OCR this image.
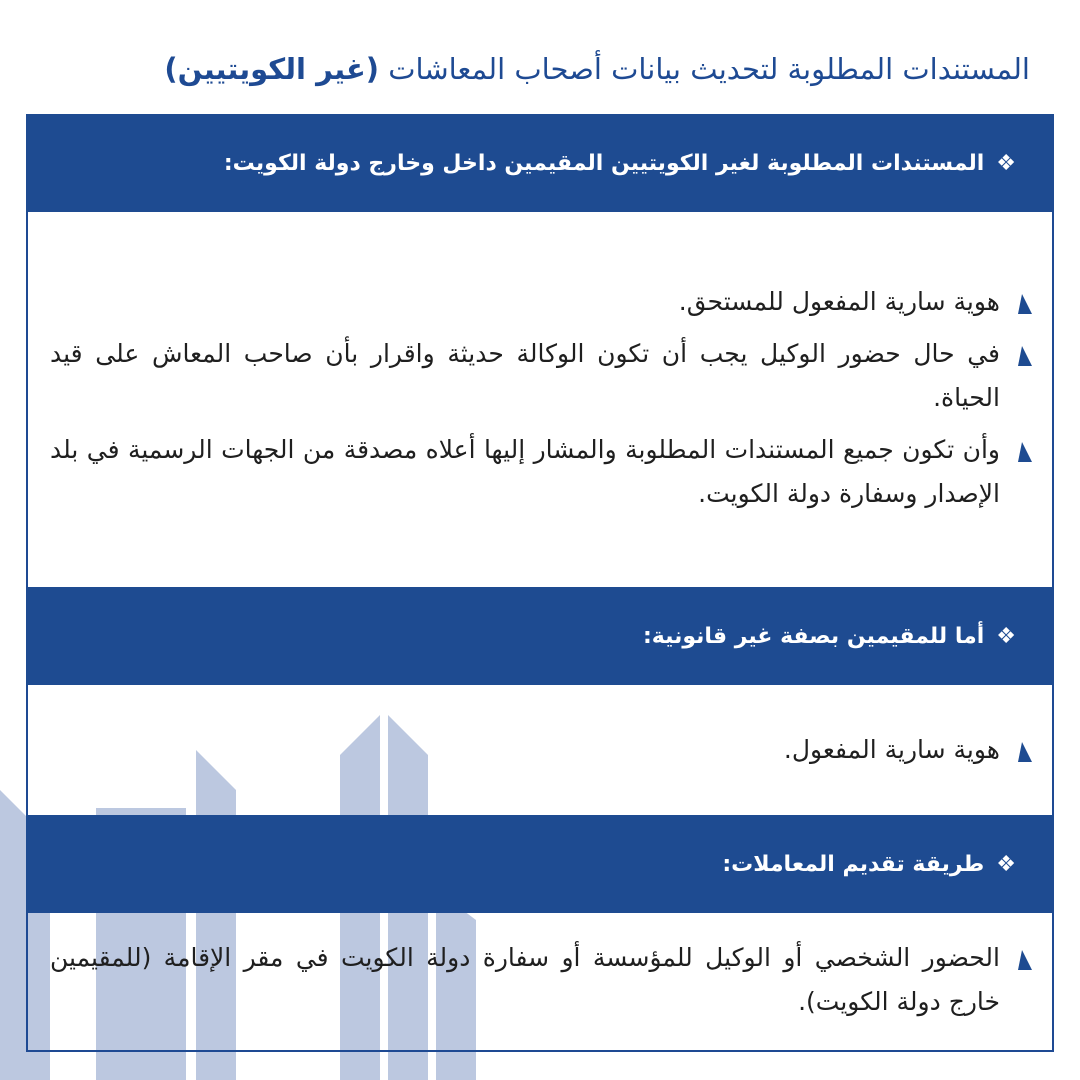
المستندات المطلوبة لتحديث بيانات أصحاب المعاشات (غير الكويتيين)
❖
المستندات المطلوبة لغير الكويتيين المقيمين داخل وخارج دولة الكويت:
هوية سارية المفعول للمستحق.
في حال حضور الوكيل يجب أن تكون الوكالة حديثة واقرار بأن صاحب المعاش على قيد الحياة.
وأن تكون جميع المستندات المطلوبة والمشار إليها أعلاه مصدقة من الجهات الرسمية في بلد الإصدار وسفارة دولة الكويت.
❖
أما للمقيمين بصفة غير قانونية:
هوية سارية المفعول.
❖
طريقة تقديم المعاملات:
الحضور الشخصي أو الوكيل للمؤسسة أو سفارة دولة الكويت في مقر الإقامة (للمقيمين خارج دولة الكويت).
